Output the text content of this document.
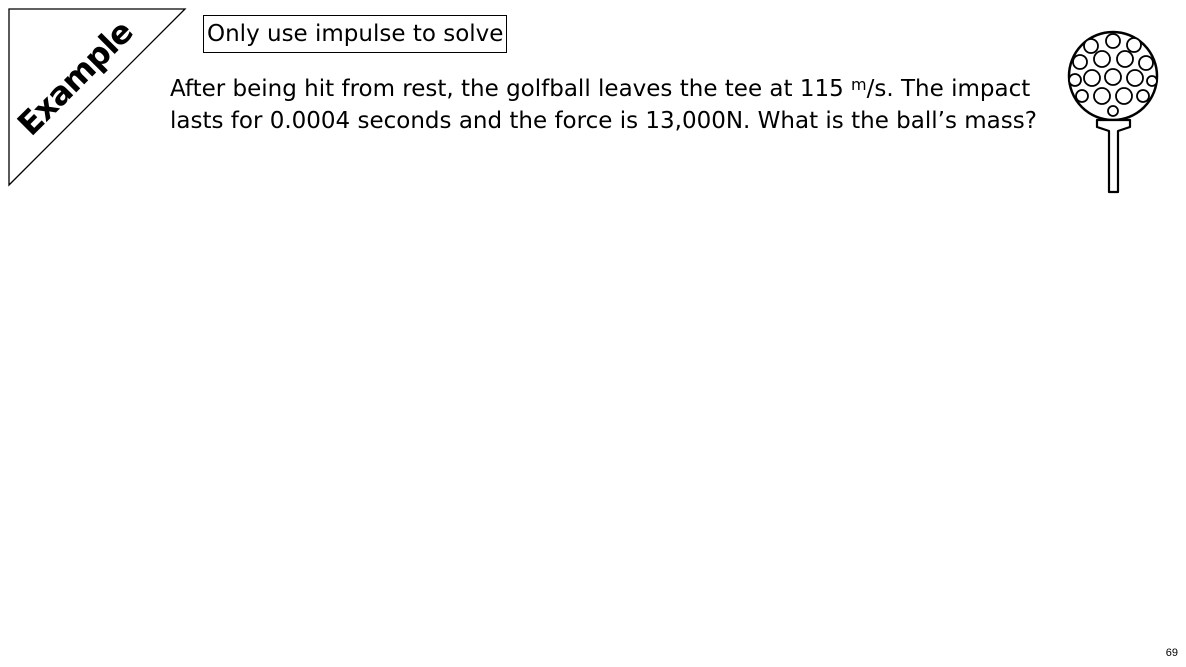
Example	Only use impulse to solve
After being hit from rest, the golfball leaves the tee at 115 $^m$/s. The impact
lasts for 0.0004 seconds and the force is 13,000N. What is the ball’s mass?
69
